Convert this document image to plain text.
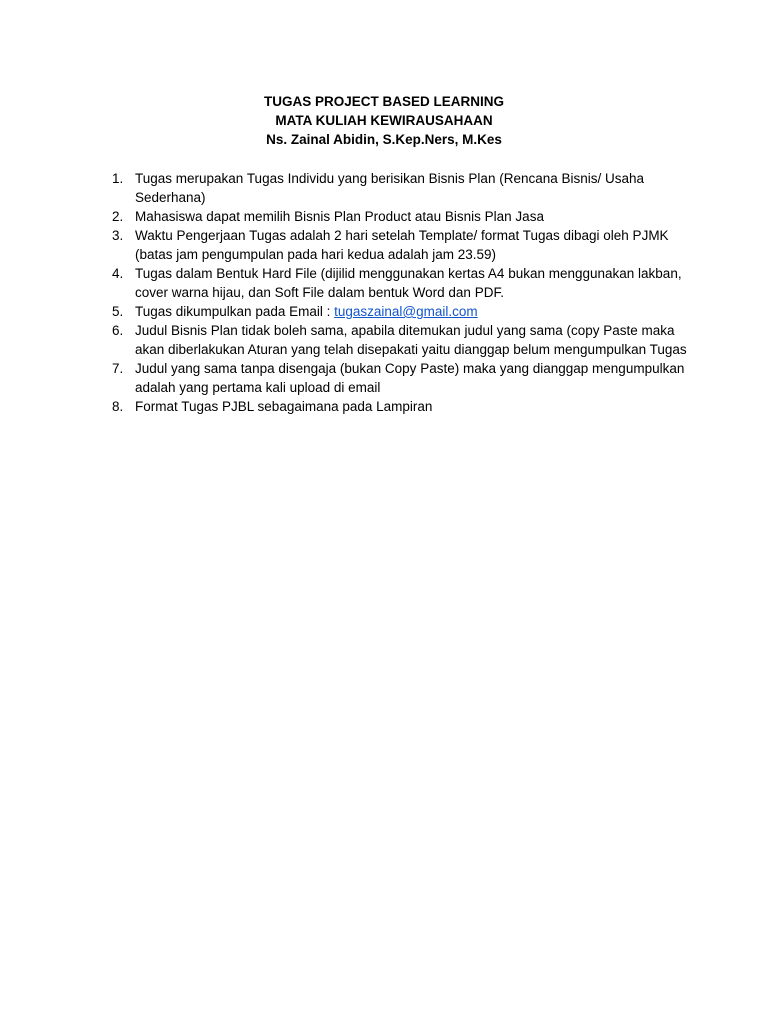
TUGAS PROJECT BASED LEARNING
MATA KULIAH KEWIRAUSAHAAN
Ns. Zainal Abidin, S.Kep.Ners, M.Kes
1. Tugas merupakan Tugas Individu yang berisikan Bisnis Plan (Rencana Bisnis/ Usaha Sederhana)
2. Mahasiswa dapat memilih Bisnis Plan Product atau Bisnis Plan Jasa
3. Waktu Pengerjaan Tugas adalah 2 hari setelah Template/ format Tugas dibagi oleh PJMK (batas jam pengumpulan pada hari kedua adalah jam 23.59)
4. Tugas dalam Bentuk Hard File (dijilid menggunakan kertas A4 bukan menggunakan lakban, cover warna hijau, dan Soft File dalam bentuk Word dan PDF.
5. Tugas dikumpulkan pada Email : tugaszainal@gmail.com
6. Judul Bisnis Plan tidak boleh sama, apabila ditemukan judul yang sama (copy Paste maka akan diberlakukan Aturan yang telah disepakati yaitu dianggap belum mengumpulkan Tugas
7. Judul yang sama tanpa disengaja (bukan Copy Paste) maka yang dianggap mengumpulkan adalah yang pertama kali upload di email
8. Format Tugas PJBL sebagaimana pada Lampiran
